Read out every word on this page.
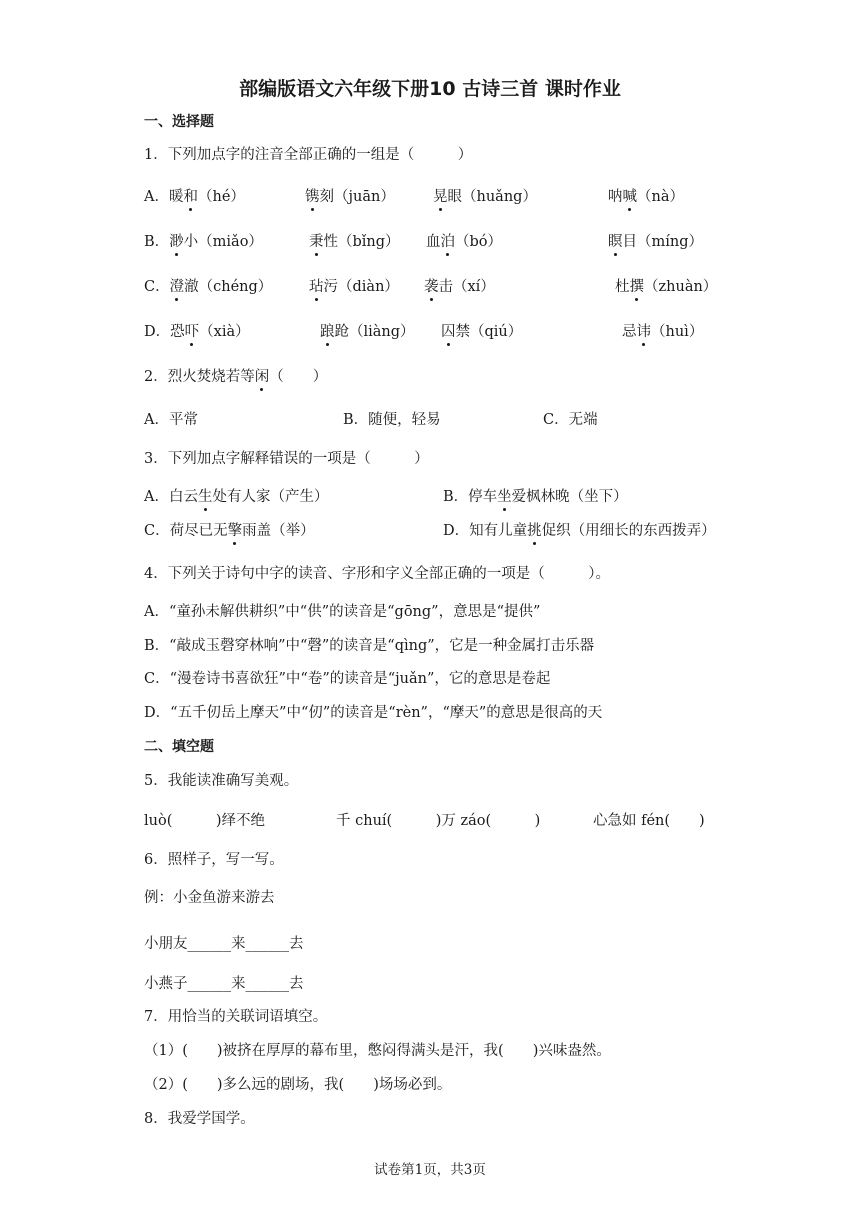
部编版语文六年级下册10 古诗三首 课时作业
一、选择题
1．下列加点字的注音全部正确的一组是（　　　）
A．暖和（hé）	镌刻（juān）	晃眼（huǎng）	呐喊（nà）
B．渺小（miǎo）	秉性（bǐng） 血泊（bó）	瞑目（míng）
C．澄澈（chéng）	玷污（diàn） 袭击（xí）	杜撰（zhuàn）
D．恐吓（xià）	踉跄（liàng） 囚禁（qiú）	忌讳（huì）
2．烈火焚烧若等闲（　　）
A．平常	B．随便，轻易	C．无端
3．下列加点字解释错误的一项是（　　　）
A．白云生处有人家（产生）	B．停车坐爱枫林晚（坐下）
C．荷尽已无擎雨盖（举）	D．知有儿童挑促织（用细长的东西拨弄）
4．下列关于诗句中字的读音、字形和字义全部正确的一项是（　　　）。
A．“童孙未解供耕织”中“供”的读音是“gōng”，意思是“提供”
B．“敲成玉磬穿林响”中“磬”的读音是“qìng”，它是一种金属打击乐器
C．“漫卷诗书喜欲狂”中“卷”的读音是“juǎn”，它的意思是卷起
D．“五千仞岳上摩天”中“仞”的读音是“rèn”，“摩天”的意思是很高的天
二、填空题
5．我能读准确写美观。
luò(　　　)绎不绝	千 chuí(　　　)万 záo(　　　)	心急如 fén(　　)
6．照样子，写一写。
例：小金鱼游来游去
小朋友______来______去
小燕子______来______去
7．用恰当的关联词语填空。
（1）(　　)被挤在厚厚的幕布里，憋闷得满头是汗，我(　　)兴味盎然。
（2）(　　)多么远的剧场，我(　　)场场必到。
8．我爱学国学。
试卷第1页，共3页
